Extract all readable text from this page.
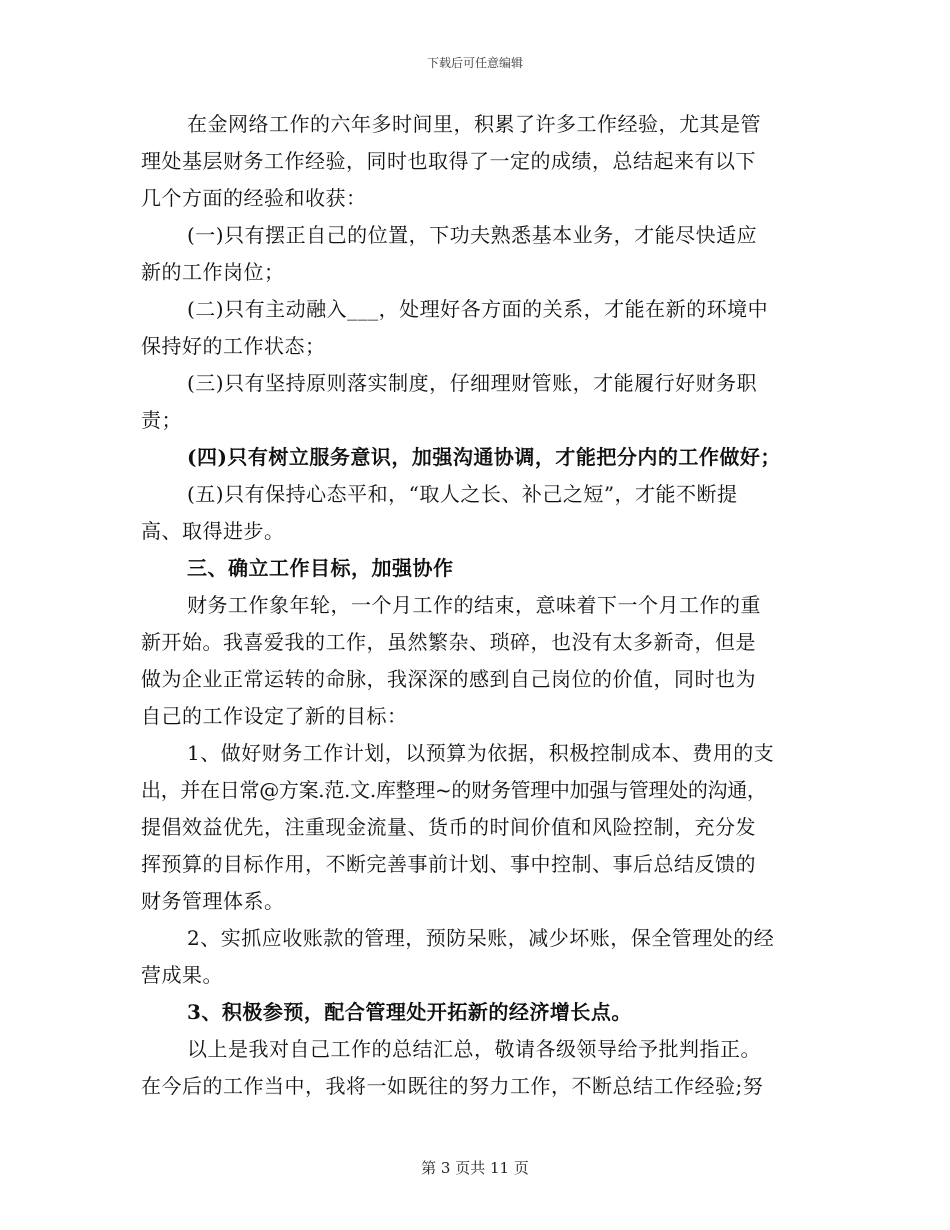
下载后可任意编辑
在金网络工作的六年多时间里，积累了许多工作经验，尤其是管
理处基层财务工作经验，同时也取得了一定的成绩，总结起来有以下
几个方面的经验和收获：
(一)只有摆正自己的位置，下功夫熟悉基本业务，才能尽快适应
新的工作岗位；
(二)只有主动融入___，处理好各方面的关系，才能在新的环境中
保持好的工作状态；
(三)只有坚持原则落实制度，仔细理财管账，才能履行好财务职
责；
(四)只有树立服务意识，加强沟通协调，才能把分内的工作做好；
(五)只有保持心态平和，“取人之长、补己之短”，才能不断提
高、取得进步。
三、确立工作目标，加强协作
财务工作象年轮，一个月工作的结束，意味着下一个月工作的重
新开始。我喜爱我的工作，虽然繁杂、琐碎，也没有太多新奇，但是
做为企业正常运转的命脉，我深深的感到自己岗位的价值，同时也为
自己的工作设定了新的目标：
1、做好财务工作计划，以预算为依据，积极控制成本、费用的支
出，并在日常@方案.范.文.库整理~的财务管理中加强与管理处的沟通，
提倡效益优先，注重现金流量、货币的时间价值和风险控制，充分发
挥预算的目标作用，不断完善事前计划、事中控制、事后总结反馈的
财务管理体系。
2、实抓应收账款的管理，预防呆账，减少坏账，保全管理处的经
营成果。
3、积极参预，配合管理处开拓新的经济增长点。
以上是我对自己工作的总结汇总，敬请各级领导给予批判指正。
在今后的工作当中，我将一如既往的努力工作，不断总结工作经验;努
第 3 页共 11 页
